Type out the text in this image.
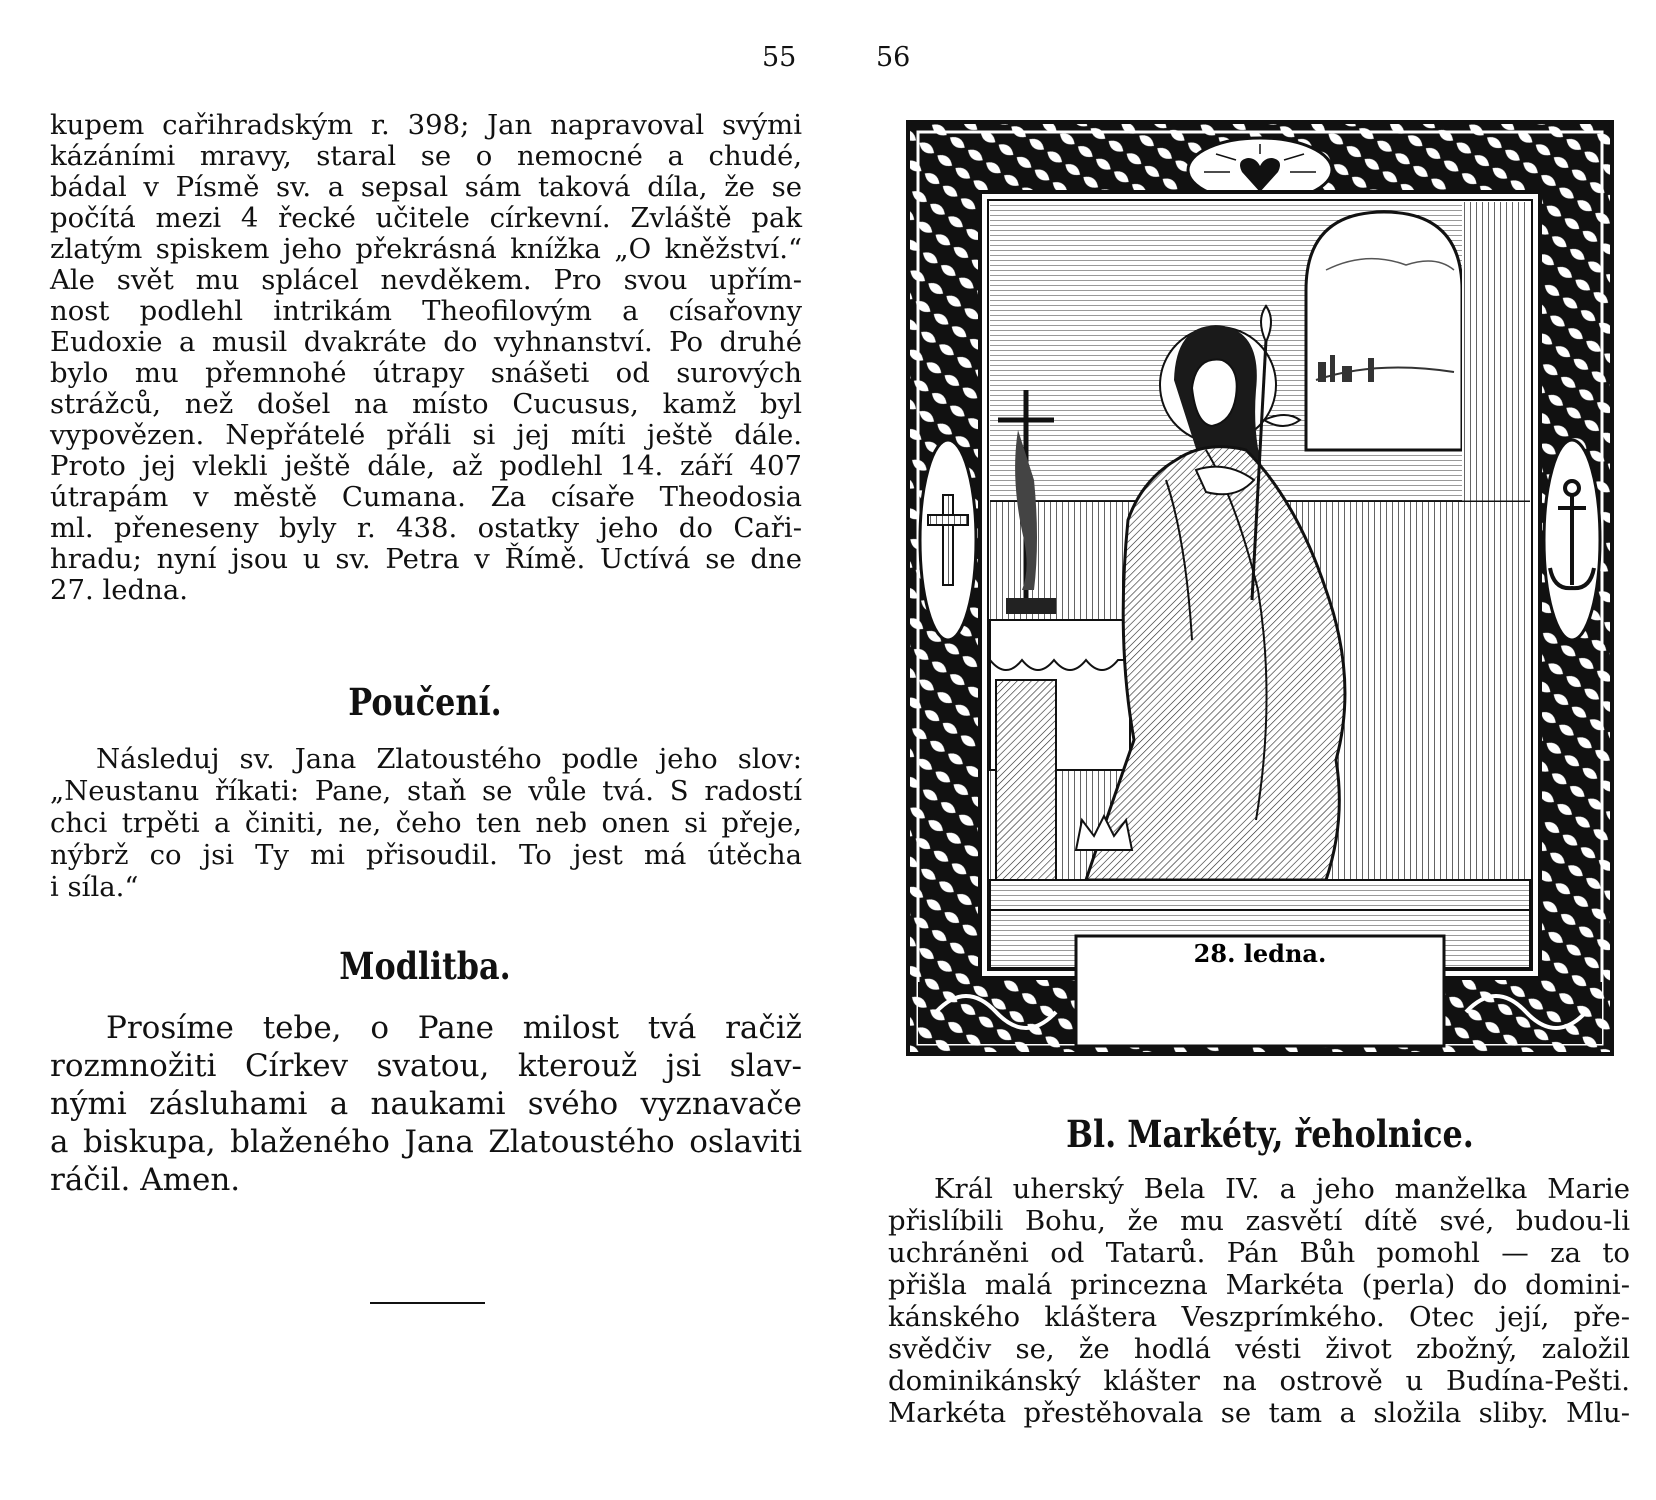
55
kupem cařihradským r. 398; Jan napravoval svými
kázáními mravy, staral se o nemocné a chudé,
bádal v Písmě sv. a sepsal sám taková díla, že se
počítá mezi 4 řecké učitele církevní. Zvláště pak
zlatým spiskem jeho překrásná knížka „O kněžství.“
Ale svět mu splácel nevděkem. Pro svou upřím-
nost podlehl intrikám Theofilovým a císařovny
Eudoxie a musil dvakráte do vyhnanství. Po druhé
bylo mu přemnohé útrapy snášeti od surových
strážců, než došel na místo Cucusus, kamž byl
vypovězen. Nepřátelé přáli si jej míti ještě dále.
Proto jej vlekli ještě dále, až podlehl 14. září 407
útrapám v městě Cumana. Za císaře Theodosia
ml. přeneseny byly r. 438. ostatky jeho do Caři-
hradu; nyní jsou u sv. Petra v Římě. Uctívá se dne
27. ledna.
Poučení.
Následuj sv. Jana Zlatoustého podle jeho slov:
„Neustanu říkati: Pane, staň se vůle tvá. S radostí
chci trpěti a činiti, ne, čeho ten neb onen si přeje,
nýbrž co jsi Ty mi přisoudil. To jest má útěcha
i síla.“
Modlitba.
Prosíme tebe, o Pane milost tvá račiž
rozmnožiti Církev svatou, kterouž jsi slav-
nými zásluhami a naukami svého vyznavače
a biskupa, blaženého Jana Zlatoustého oslaviti
ráčil. Amen.
56
28. ledna.
Bl. Markéty, řeholnice.
Král uherský Bela IV. a jeho manželka Marie
přislíbili Bohu, že mu zasvětí dítě své, budou-li
uchráněni od Tatarů. Pán Bůh pomohl — za to
přišla malá princezna Markéta (perla) do domini-
kánského kláštera Veszprímkého. Otec její, pře-
svědčiv se, že hodlá vésti život zbožný, založil
dominikánský klášter na ostrově u Budína-Pešti.
Markéta přestěhovala se tam a složila sliby. Mlu-
